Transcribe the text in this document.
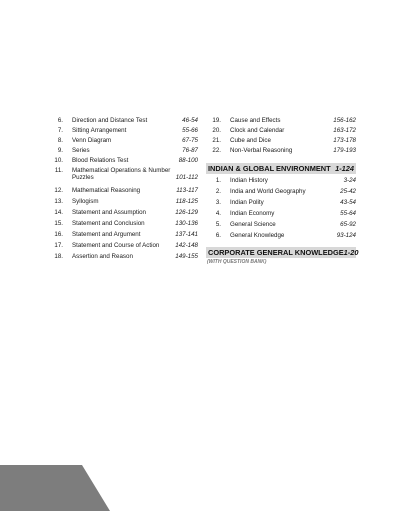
6.	Direction and Distance Test	46-54
7.	Sitting Arrangement	55-66
8.	Venn Diagram	67-75
9.	Series	76-87
10.	Blood Relations Test	88-100
11.	Mathematical Operations & Number Puzzles	101-112
12.	Mathematical Reasoning	113-117
13.	Syllogism	118-125
14.	Statement and Assumption	126-129
15.	Statement and Conclusion	130-136
16.	Statement and Argument	137-141
17.	Statement and Course of Action	142-148
18.	Assertion and Reason	149-155
19.	Cause and Effects	156-162
20.	Clock and Calendar	163-172
21.	Cube and Dice	173-178
22.	Non-Verbal Reasoning	179-193
INDIAN & GLOBAL ENVIRONMENT 1-124
1.	Indian History	3-24
2.	India and World Geography	25-42
3.	Indian Polity	43-54
4.	Indian Economy	55-64
5.	General Science	65-92
6.	General Knowledge	93-124
CORPORATE GENERAL KNOWLEDGE 1-20
(WITH QUESTION BANK)
